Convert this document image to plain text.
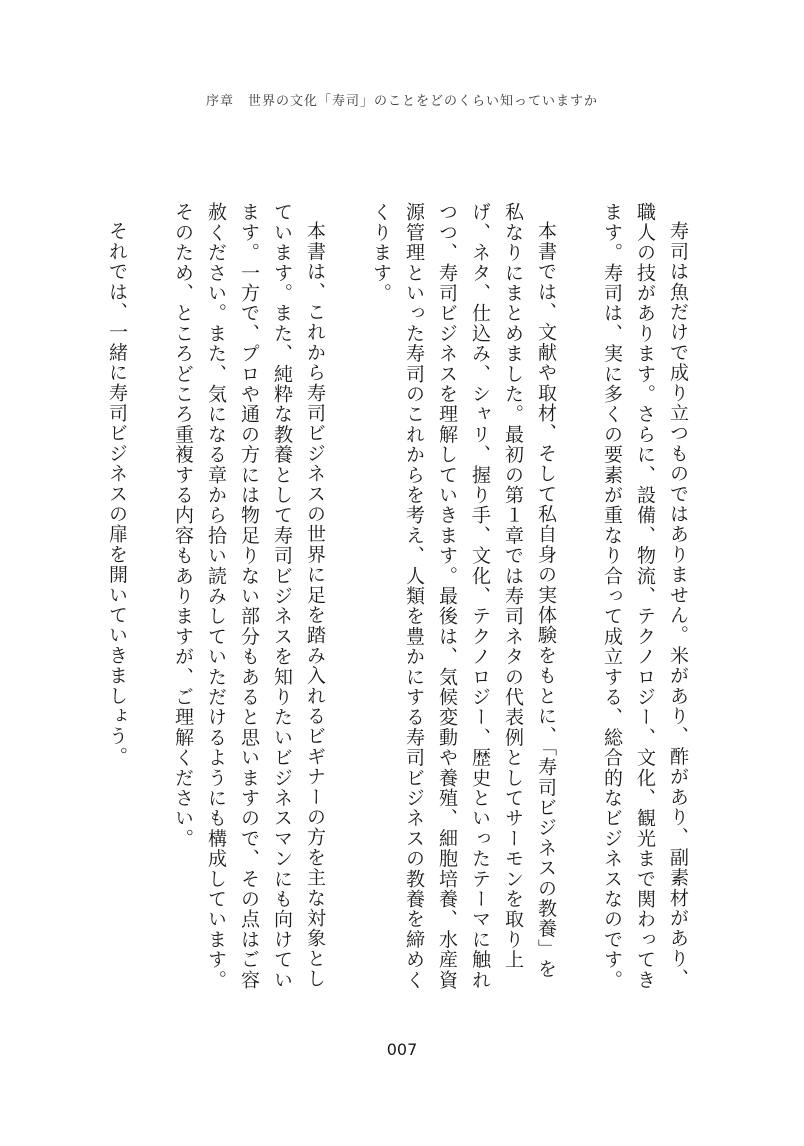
序章　世界の文化「寿司」のことをどのくらい知っていますか

寿司は魚だけで成り立つものではありません。米があり、酢があり、副素材があり、職人の技があります。さらに、設備、物流、テクノロジー、文化、観光まで関わってきます。寿司は、実に多くの要素が重なり合って成立する、総合的なビジネスなのです。

本書では、文献や取材、そして私自身の実体験をもとに、「寿司ビジネスの教養」を私なりにまとめました。最初の第１章では寿司ネタの代表例としてサーモンを取り上げ、ネタ、仕込み、シャリ、握り手、文化、テクノロジー、歴史といったテーマに触れつつ、寿司ビジネスを理解していきます。最後は、気候変動や養殖、細胞培養、水産資源管理といった寿司のこれからを考え、人類を豊かにする寿司ビジネスの教養を締めくくります。

本書は、これから寿司ビジネスの世界に足を踏み入れるビギナーの方を主な対象としています。また、純粋な教養として寿司ビジネスを知りたいビジネスマンにも向けています。一方で、プロや通の方には物足りない部分もあると思いますので、その点はご容赦ください。また、気になる章から拾い読みしていただけるようにも構成しています。そのため、ところどころ重複する内容もありますが、ご理解ください。

それでは、一緒に寿司ビジネスの扉を開いていきましょう。

007
